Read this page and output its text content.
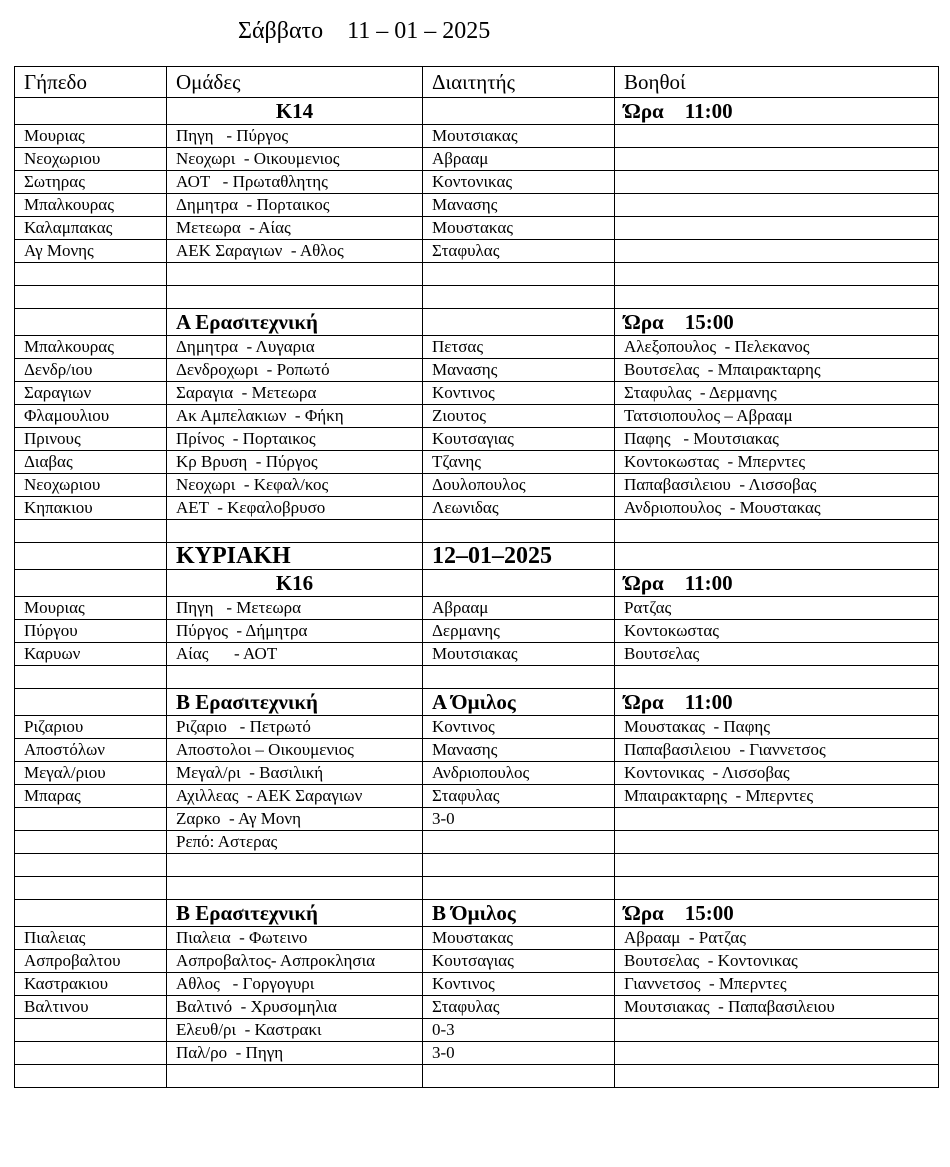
Σάββατο    11 – 01 – 2025
Γήπεδο	Ομάδες	Διαιτητής	Βοηθοί
	K14		Ώρα    11:00
Μουριας	Πηγη   - Πύργος	Μουτσιακας	
Νεοχωριου	Νεοχωρι  - Οικουμενιος	Αβρααμ	
Σωτηρας	ΑΟΤ   - Πρωταθλητης	Κοντονικας	
Μπαλκουρας	Δημητρα  - Πορταικος	Μανασης	
Καλαμπακας	Μετεωρα  - Αίας	Μουστακας	
Αγ Μονης	ΑΕΚ Σαραγιων  - Αθλος	Σταφυλας	

	Α Ερασιτεχνική		Ώρα    15:00
Μπαλκουρας	Δημητρα  - Λυγαρια	Πετσας	Αλεξοπουλος  - Πελεκανος
Δενδρ/ιου	Δενδροχωρι  - Ροπωτό	Μανασης	Βουτσελας  - Μπαιρακταρης
Σαραγιων	Σαραγια  - Μετεωρα	Κοντινος	Σταφυλας  - Δερμανης
Φλαμουλιου	Ακ Αμπελακιων  - Φήκη	Ζιουτος	Τατσιοπουλος – Αβρααμ
Πρινους	Πρίνος  - Πορταικος	Κουτσαγιας	Παφης   - Μουτσιακας
Διαβας	Κρ Βρυση  - Πύργος	Τζανης	Κοντοκωστας  - Μπερντες
Νεοχωριου	Νεοχωρι  - Κεφαλ/κος	Δουλοπουλος	Παπαβασιλειου  - Λισσοβας
Κηπακιου	ΑΕΤ  - Κεφαλοβρυσο	Λεωνιδας	Ανδριοπουλος  - Μουστακας

	ΚΥΡΙΑΚΗ	12–01–2025	
	K16		Ώρα    11:00
Μουριας	Πηγη   - Μετεωρα	Αβρααμ	Ρατζας
Πύργου	Πύργος  - Δήμητρα	Δερμανης	Κοντοκωστας
Καρυων	Αίας      - ΑΟΤ	Μουτσιακας	Βουτσελας

	Β Ερασιτεχνική	Α Όμιλος	Ώρα    11:00
Ριζαριου	Ριζαριο   - Πετρωτό	Κοντινος	Μουστακας  - Παφης
Αποστόλων	Αποστολοι – Οικουμενιος	Μανασης	Παπαβασιλειου  - Γιαννετσος
Μεγαλ/ριου	Μεγαλ/ρι  - Βασιλική	Ανδριοπουλος	Κοντονικας  - Λισσοβας
Μπαρας	Αχιλλεας  - ΑΕΚ Σαραγιων	Σταφυλας	Μπαιρακταρης  - Μπερντες
	Ζαρκο  - Αγ Μονη	3-0	
	Ρεπό: Αστερας		

	Β Ερασιτεχνική	Β Όμιλος	Ώρα    15:00
Πιαλειας	Πιαλεια  - Φωτεινο	Μουστακας	Αβρααμ  - Ρατζας
Ασπροβαλτου	Ασπροβαλτος- Ασπροκλησια	Κουτσαγιας	Βουτσελας  - Κοντονικας
Καστρακιου	Αθλος   - Γοργογυρι	Κοντινος	Γιαννετσος  - Μπερντες
Βαλτινου	Βαλτινό  - Χρυσομηλια	Σταφυλας	Μουτσιακας  - Παπαβασιλειου
	Ελευθ/ρι  - Καστρακι	0-3	
	Παλ/ρο  - Πηγη	3-0	
